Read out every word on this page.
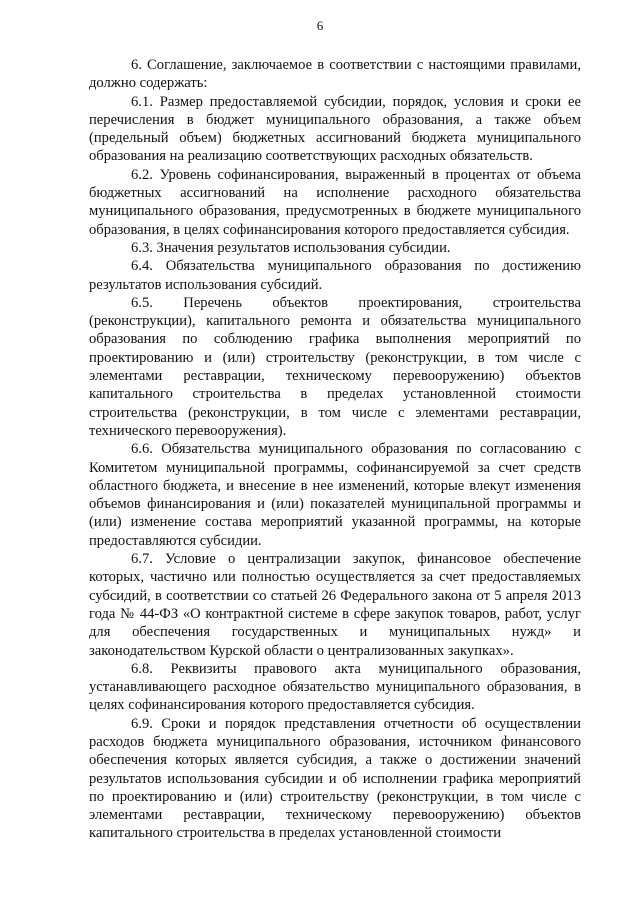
6

6. Соглашение, заключаемое в соответствии с настоящими правилами, должно содержать:

6.1. Размер предоставляемой субсидии, порядок, условия и сроки ее перечисления в бюджет муниципального образования, а также объем (предельный объем) бюджетных ассигнований бюджета муниципального образования на реализацию соответствующих расходных обязательств.

6.2. Уровень софинансирования, выраженный в процентах от объема бюджетных ассигнований на исполнение расходного обязательства муниципального образования, предусмотренных в бюджете муниципального образования, в целях софинансирования которого предоставляется субсидия.

6.3. Значения результатов использования субсидии.

6.4. Обязательства муниципального образования по достижению результатов использования субсидий.

6.5. Перечень объектов проектирования, строительства (реконструкции), капитального ремонта и обязательства муниципального образования по соблюдению графика выполнения мероприятий по проектированию и (или) строительству (реконструкции, в том числе с элементами реставрации, техническому перевооружению) объектов капитального строительства в пределах установленной стоимости строительства (реконструкции, в том числе с элементами реставрации, технического перевооружения).

6.6. Обязательства муниципального образования по согласованию с Комитетом муниципальной программы, софинансируемой за счет средств областного бюджета, и внесение в нее изменений, которые влекут изменения объемов финансирования и (или) показателей муниципальной программы и (или) изменение состава мероприятий указанной программы, на которые предоставляются субсидии.

6.7. Условие о централизации закупок, финансовое обеспечение которых, частично или полностью осуществляется за счет предоставляемых субсидий, в соответствии со статьей 26 Федерального закона от 5 апреля 2013 года № 44-ФЗ «О контрактной системе в сфере закупок товаров, работ, услуг для обеспечения государственных и муниципальных нужд» и законодательством Курской области о централизованных закупках».

6.8. Реквизиты правового акта муниципального образования, устанавливающего расходное обязательство муниципального образования, в целях софинансирования которого предоставляется субсидия.

6.9. Сроки и порядок представления отчетности об осуществлении расходов бюджета муниципального образования, источником финансового обеспечения которых является субсидия, а также о достижении значений результатов использования субсидии и об исполнении графика мероприятий по проектированию и (или) строительству (реконструкции, в том числе с элементами реставрации, техническому перевооружению) объектов капитального строительства в пределах установленной стоимости
